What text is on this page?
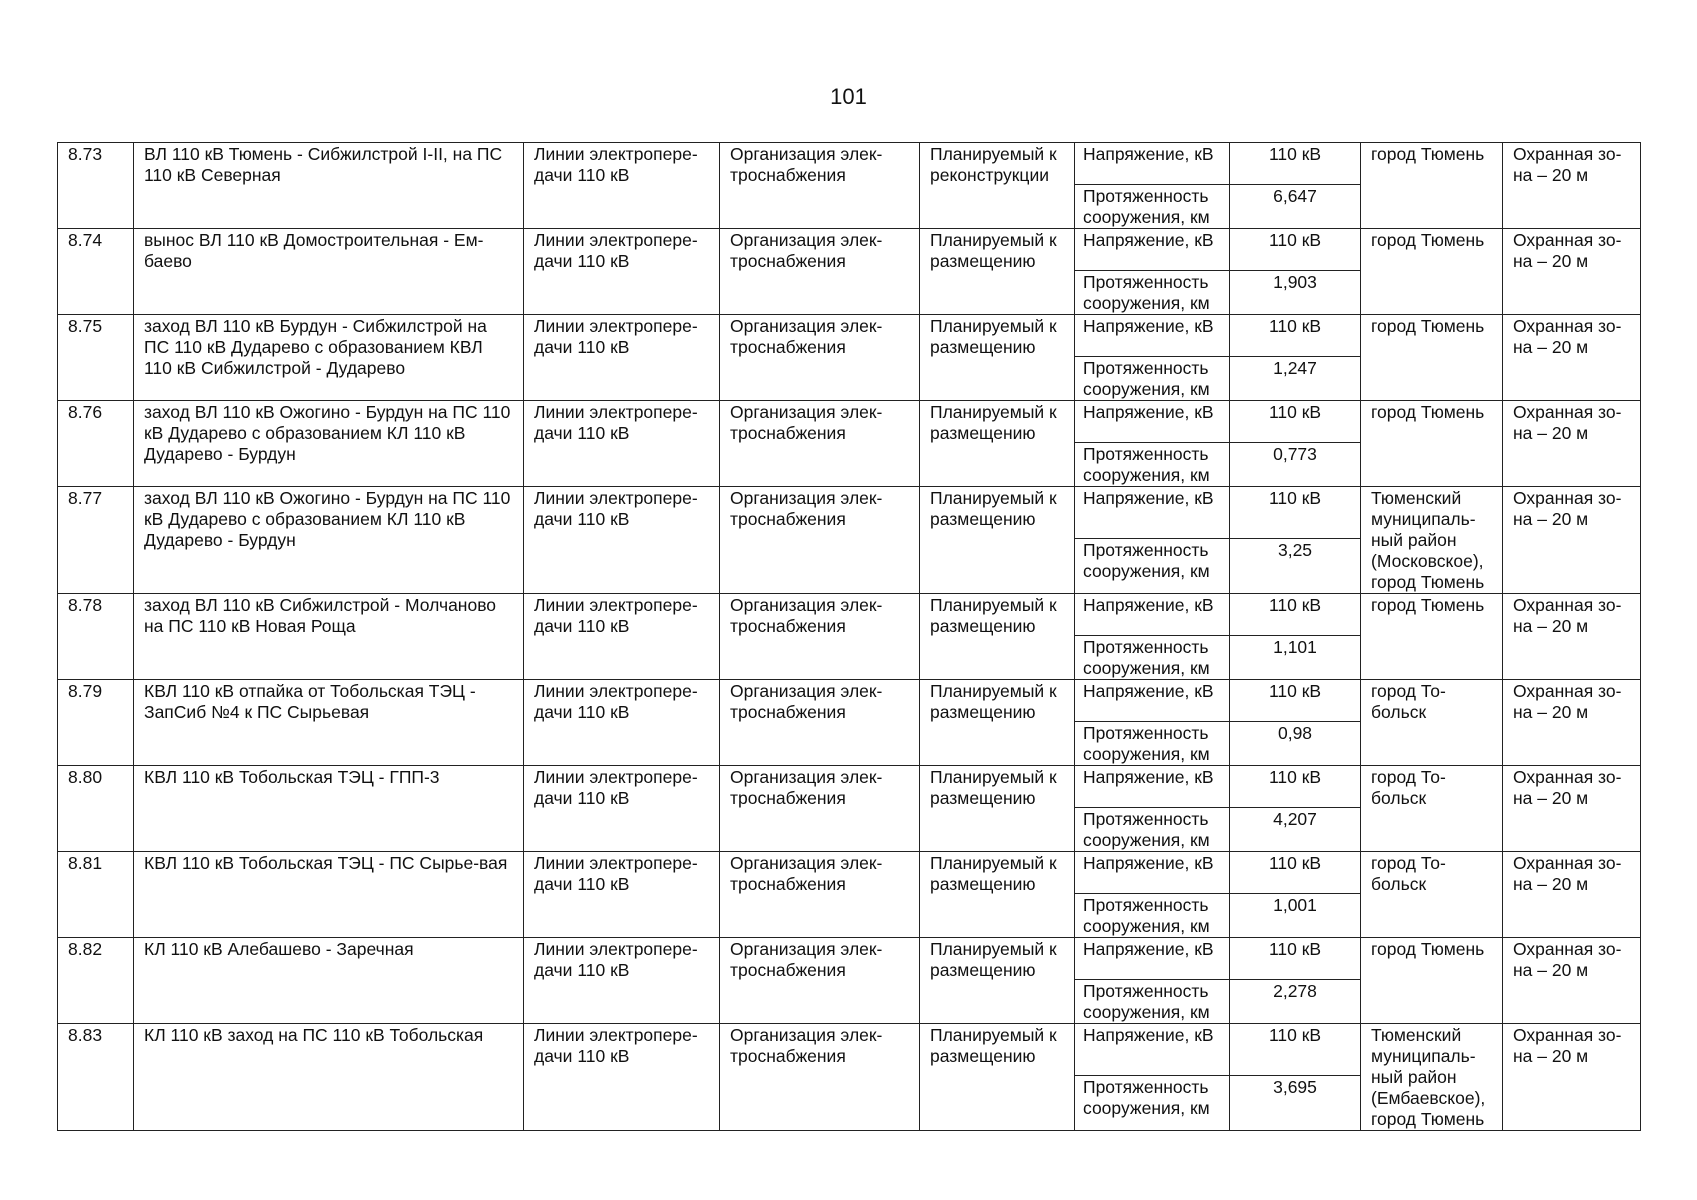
101
8.73	ВЛ 110 кВ Тюмень - Сибжилстрой I-II, на ПС 110 кВ Северная	Линии электропере-дачи 110 кВ	Организация элек-троснабжения	Планируемый к реконструкции	Напряжение, кВ	110 кВ	город Тюмень	Охранная зо-на – 20 м
					Протяженность сооружения, км	6,647		
8.74	вынос ВЛ 110 кВ Домостроительная - Ем-баево	Линии электропере-дачи 110 кВ	Организация элек-троснабжения	Планируемый к размещению	Напряжение, кВ	110 кВ	город Тюмень	Охранная зо-на – 20 м
					Протяженность сооружения, км	1,903		
8.75	заход ВЛ 110 кВ Бурдун - Сибжилстрой на ПС 110 кВ Дударево с образованием КВЛ 110 кВ Сибжилстрой - Дударево	Линии электропере-дачи 110 кВ	Организация элек-троснабжения	Планируемый к размещению	Напряжение, кВ	110 кВ	город Тюмень	Охранная зо-на – 20 м
					Протяженность сооружения, км	1,247		
8.76	заход ВЛ 110 кВ Ожогино - Бурдун на ПС 110 кВ Дударево с образованием КЛ 110 кВ Дударево - Бурдун	Линии электропере-дачи 110 кВ	Организация элек-троснабжения	Планируемый к размещению	Напряжение, кВ	110 кВ	город Тюмень	Охранная зо-на – 20 м
					Протяженность сооружения, км	0,773		
8.77	заход ВЛ 110 кВ Ожогино - Бурдун на ПС 110 кВ Дударево с образованием КЛ 110 кВ Дударево - Бурдун	Линии электропере-дачи 110 кВ	Организация элек-троснабжения	Планируемый к размещению	Напряжение, кВ	110 кВ	Тюменский муниципаль-ный район (Московское), город Тюмень	Охранная зо-на – 20 м
					Протяженность сооружения, км	3,25		
8.78	заход ВЛ 110 кВ Сибжилстрой - Молчаново на ПС 110 кВ Новая Роща	Линии электропере-дачи 110 кВ	Организация элек-троснабжения	Планируемый к размещению	Напряжение, кВ	110 кВ	город Тюмень	Охранная зо-на – 20 м
					Протяженность сооружения, км	1,101		
8.79	КВЛ 110 кВ отпайка от Тобольская ТЭЦ - ЗапСиб №4 к ПС Сырьевая	Линии электропере-дачи 110 кВ	Организация элек-троснабжения	Планируемый к размещению	Напряжение, кВ	110 кВ	город То-больск	Охранная зо-на – 20 м
					Протяженность сооружения, км	0,98		
8.80	КВЛ 110 кВ Тобольская ТЭЦ - ГПП-3	Линии электропере-дачи 110 кВ	Организация элек-троснабжения	Планируемый к размещению	Напряжение, кВ	110 кВ	город То-больск	Охранная зо-на – 20 м
					Протяженность сооружения, км	4,207		
8.81	КВЛ 110 кВ Тобольская ТЭЦ - ПС Сырье-вая	Линии электропере-дачи 110 кВ	Организация элек-троснабжения	Планируемый к размещению	Напряжение, кВ	110 кВ	город То-больск	Охранная зо-на – 20 м
					Протяженность сооружения, км	1,001		
8.82	КЛ 110 кВ Алебашево - Заречная	Линии электропере-дачи 110 кВ	Организация элек-троснабжения	Планируемый к размещению	Напряжение, кВ	110 кВ	город Тюмень	Охранная зо-на – 20 м
					Протяженность сооружения, км	2,278		
8.83	КЛ 110 кВ заход на ПС 110 кВ Тобольская	Линии электропере-дачи 110 кВ	Организация элек-троснабжения	Планируемый к размещению	Напряжение, кВ	110 кВ	Тюменский муниципаль-ный район (Ембаевское), город Тюмень	Охранная зо-на – 20 м
					Протяженность сооружения, км	3,695		
